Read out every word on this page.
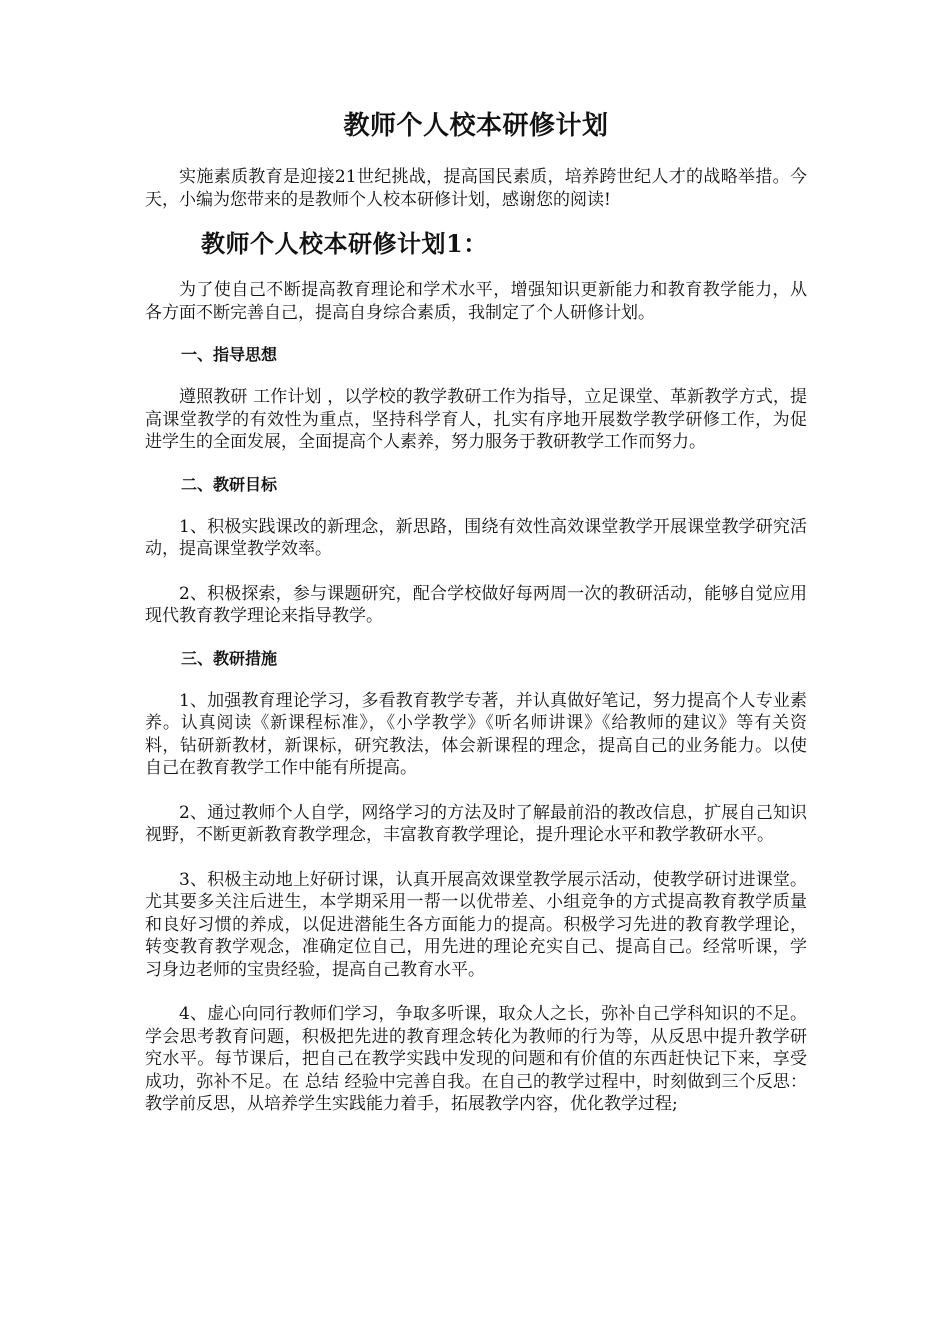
教师个人校本研修计划

实施素质教育是迎接21世纪挑战，提高国民素质，培养跨世纪人才的战略举措。今天，小编为您带来的是教师个人校本研修计划，感谢您的阅读!

教师个人校本研修计划1：

为了使自己不断提高教育理论和学术水平，增强知识更新能力和教育教学能力，从各方面不断完善自己，提高自身综合素质，我制定了个人研修计划。

一、指导思想

遵照教研 工作计划 ，以学校的教学教研工作为指导，立足课堂、革新教学方式，提高课堂教学的有效性为重点，坚持科学育人，扎实有序地开展数学教学研修工作，为促进学生的全面发展，全面提高个人素养，努力服务于教研教学工作而努力。

二、教研目标

1、积极实践课改的新理念，新思路，围绕有效性高效课堂教学开展课堂教学研究活动，提高课堂教学效率。

2、积极探索，参与课题研究，配合学校做好每两周一次的教研活动，能够自觉应用现代教育教学理论来指导教学。

三、教研措施

1、加强教育理论学习，多看教育教学专著，并认真做好笔记，努力提高个人专业素养。认真阅读《新课程标准》，《小学教学》《听名师讲课》《给教师的建议》等有关资料，钻研新教材，新课标，研究教法，体会新课程的理念，提高自己的业务能力。以使自己在教育教学工作中能有所提高。

2、通过教师个人自学，网络学习的方法及时了解最前沿的教改信息，扩展自己知识视野，不断更新教育教学理念，丰富教育教学理论，提升理论水平和教学教研水平。

3、积极主动地上好研讨课，认真开展高效课堂教学展示活动，使教学研讨进课堂。尤其要多关注后进生，本学期采用一帮一以优带差、小组竞争的方式提高教育教学质量和良好习惯的养成，以促进潜能生各方面能力的提高。积极学习先进的教育教学理论，转变教育教学观念，准确定位自己，用先进的理论充实自己、提高自己。经常听课，学习身边老师的宝贵经验，提高自己教育水平。

4、虚心向同行教师们学习，争取多听课，取众人之长，弥补自己学科知识的不足。学会思考教育问题，积极把先进的教育理念转化为教师的行为等，从反思中提升教学研究水平。每节课后，把自己在教学实践中发现的问题和有价值的东西赶快记下来，享受成功，弥补不足。在 总结 经验中完善自我。在自己的教学过程中，时刻做到三个反思：教学前反思，从培养学生实践能力着手，拓展教学内容，优化教学过程;
